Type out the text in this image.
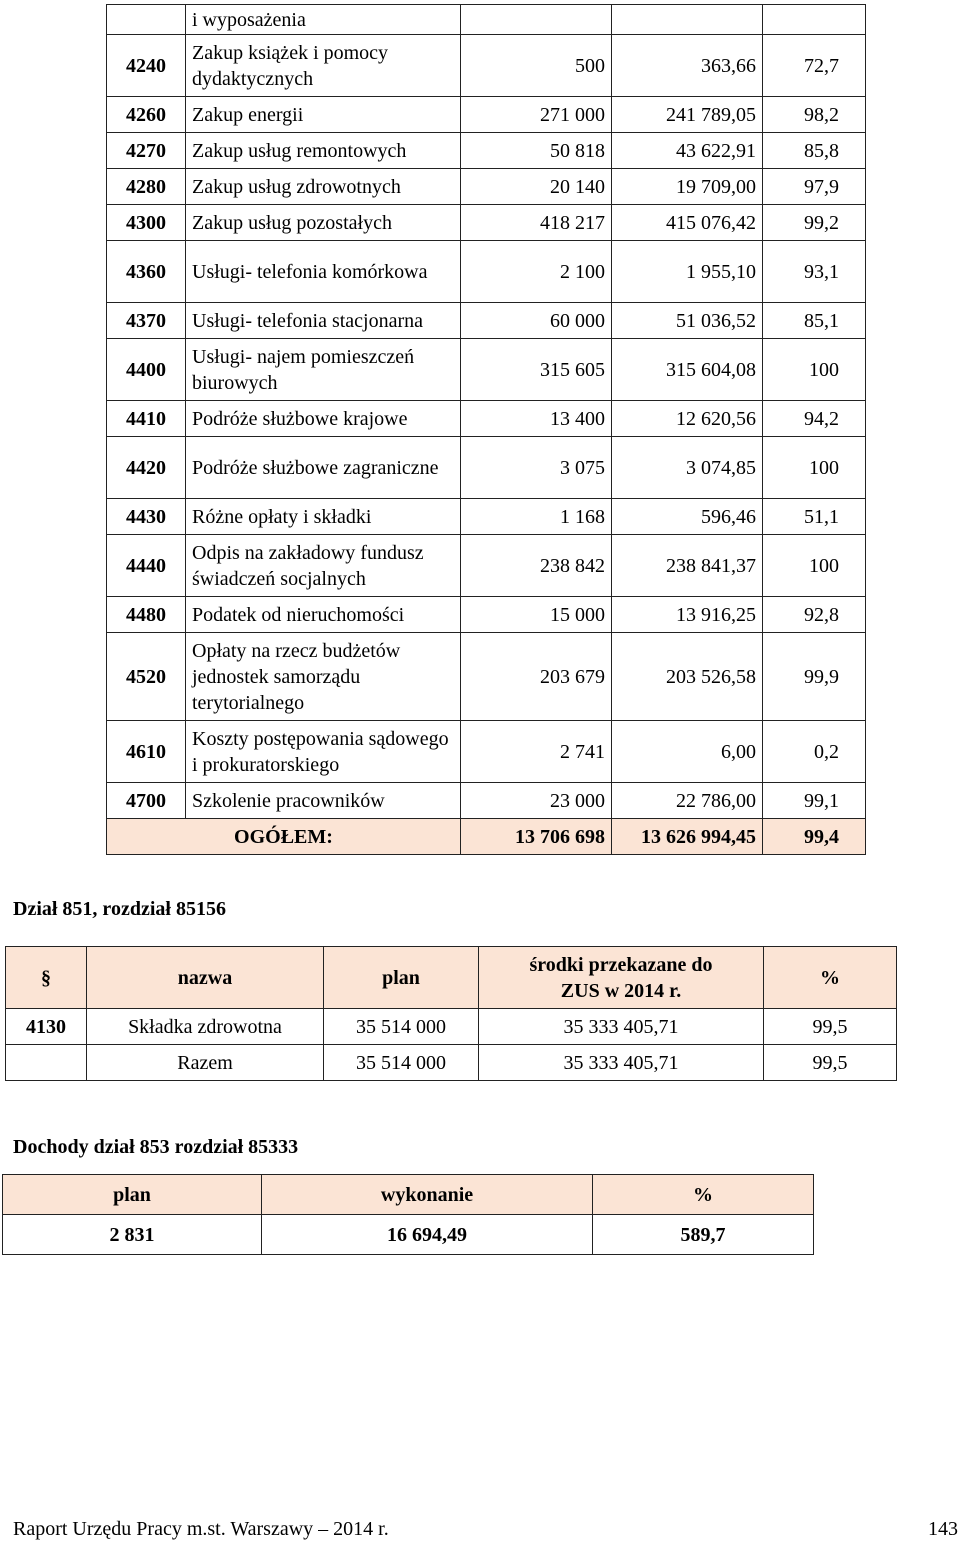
	i wyposażenia			
4240	Zakup książek i pomocy dydaktycznych	500	363,66	72,7
4260	Zakup energii	271 000	241 789,05	98,2
4270	Zakup usług remontowych	50 818	43 622,91	85,8
4280	Zakup usług zdrowotnych	20 140	19 709,00	97,9
4300	Zakup usług pozostałych	418 217	415 076,42	99,2
4360	Usługi- telefonia komórkowa	2 100	1 955,10	93,1
4370	Usługi- telefonia stacjonarna	60 000	51 036,52	85,1
4400	Usługi- najem pomieszczeń biurowych	315 605	315 604,08	100
4410	Podróże służbowe krajowe	13 400	12 620,56	94,2
4420	Podróże służbowe zagraniczne	3 075	3 074,85	100
4430	Różne opłaty i składki	1 168	596,46	51,1
4440	Odpis na zakładowy fundusz świadczeń socjalnych	238 842	238 841,37	100
4480	Podatek od nieruchomości	15 000	13 916,25	92,8
4520	Opłaty na rzecz budżetów jednostek samorządu terytorialnego	203 679	203 526,58	99,9
4610	Koszty postępowania sądowego i prokuratorskiego	2 741	6,00	0,2
4700	Szkolenie pracowników	23 000	22 786,00	99,1
OGÓŁEM:		13 706 698	13 626 994,45	99,4
Dział 851, rozdział 85156
§	nazwa	plan	środki przekazane do ZUS w 2014 r.	%
4130	Składka zdrowotna	35 514 000	35 333 405,71	99,5
	Razem	35 514 000	35 333 405,71	99,5
Dochody dział 853 rozdział 85333
plan	wykonanie	%
2 831	16 694,49	589,7
Raport Urzędu Pracy m.st. Warszawy – 2014 r.	143
